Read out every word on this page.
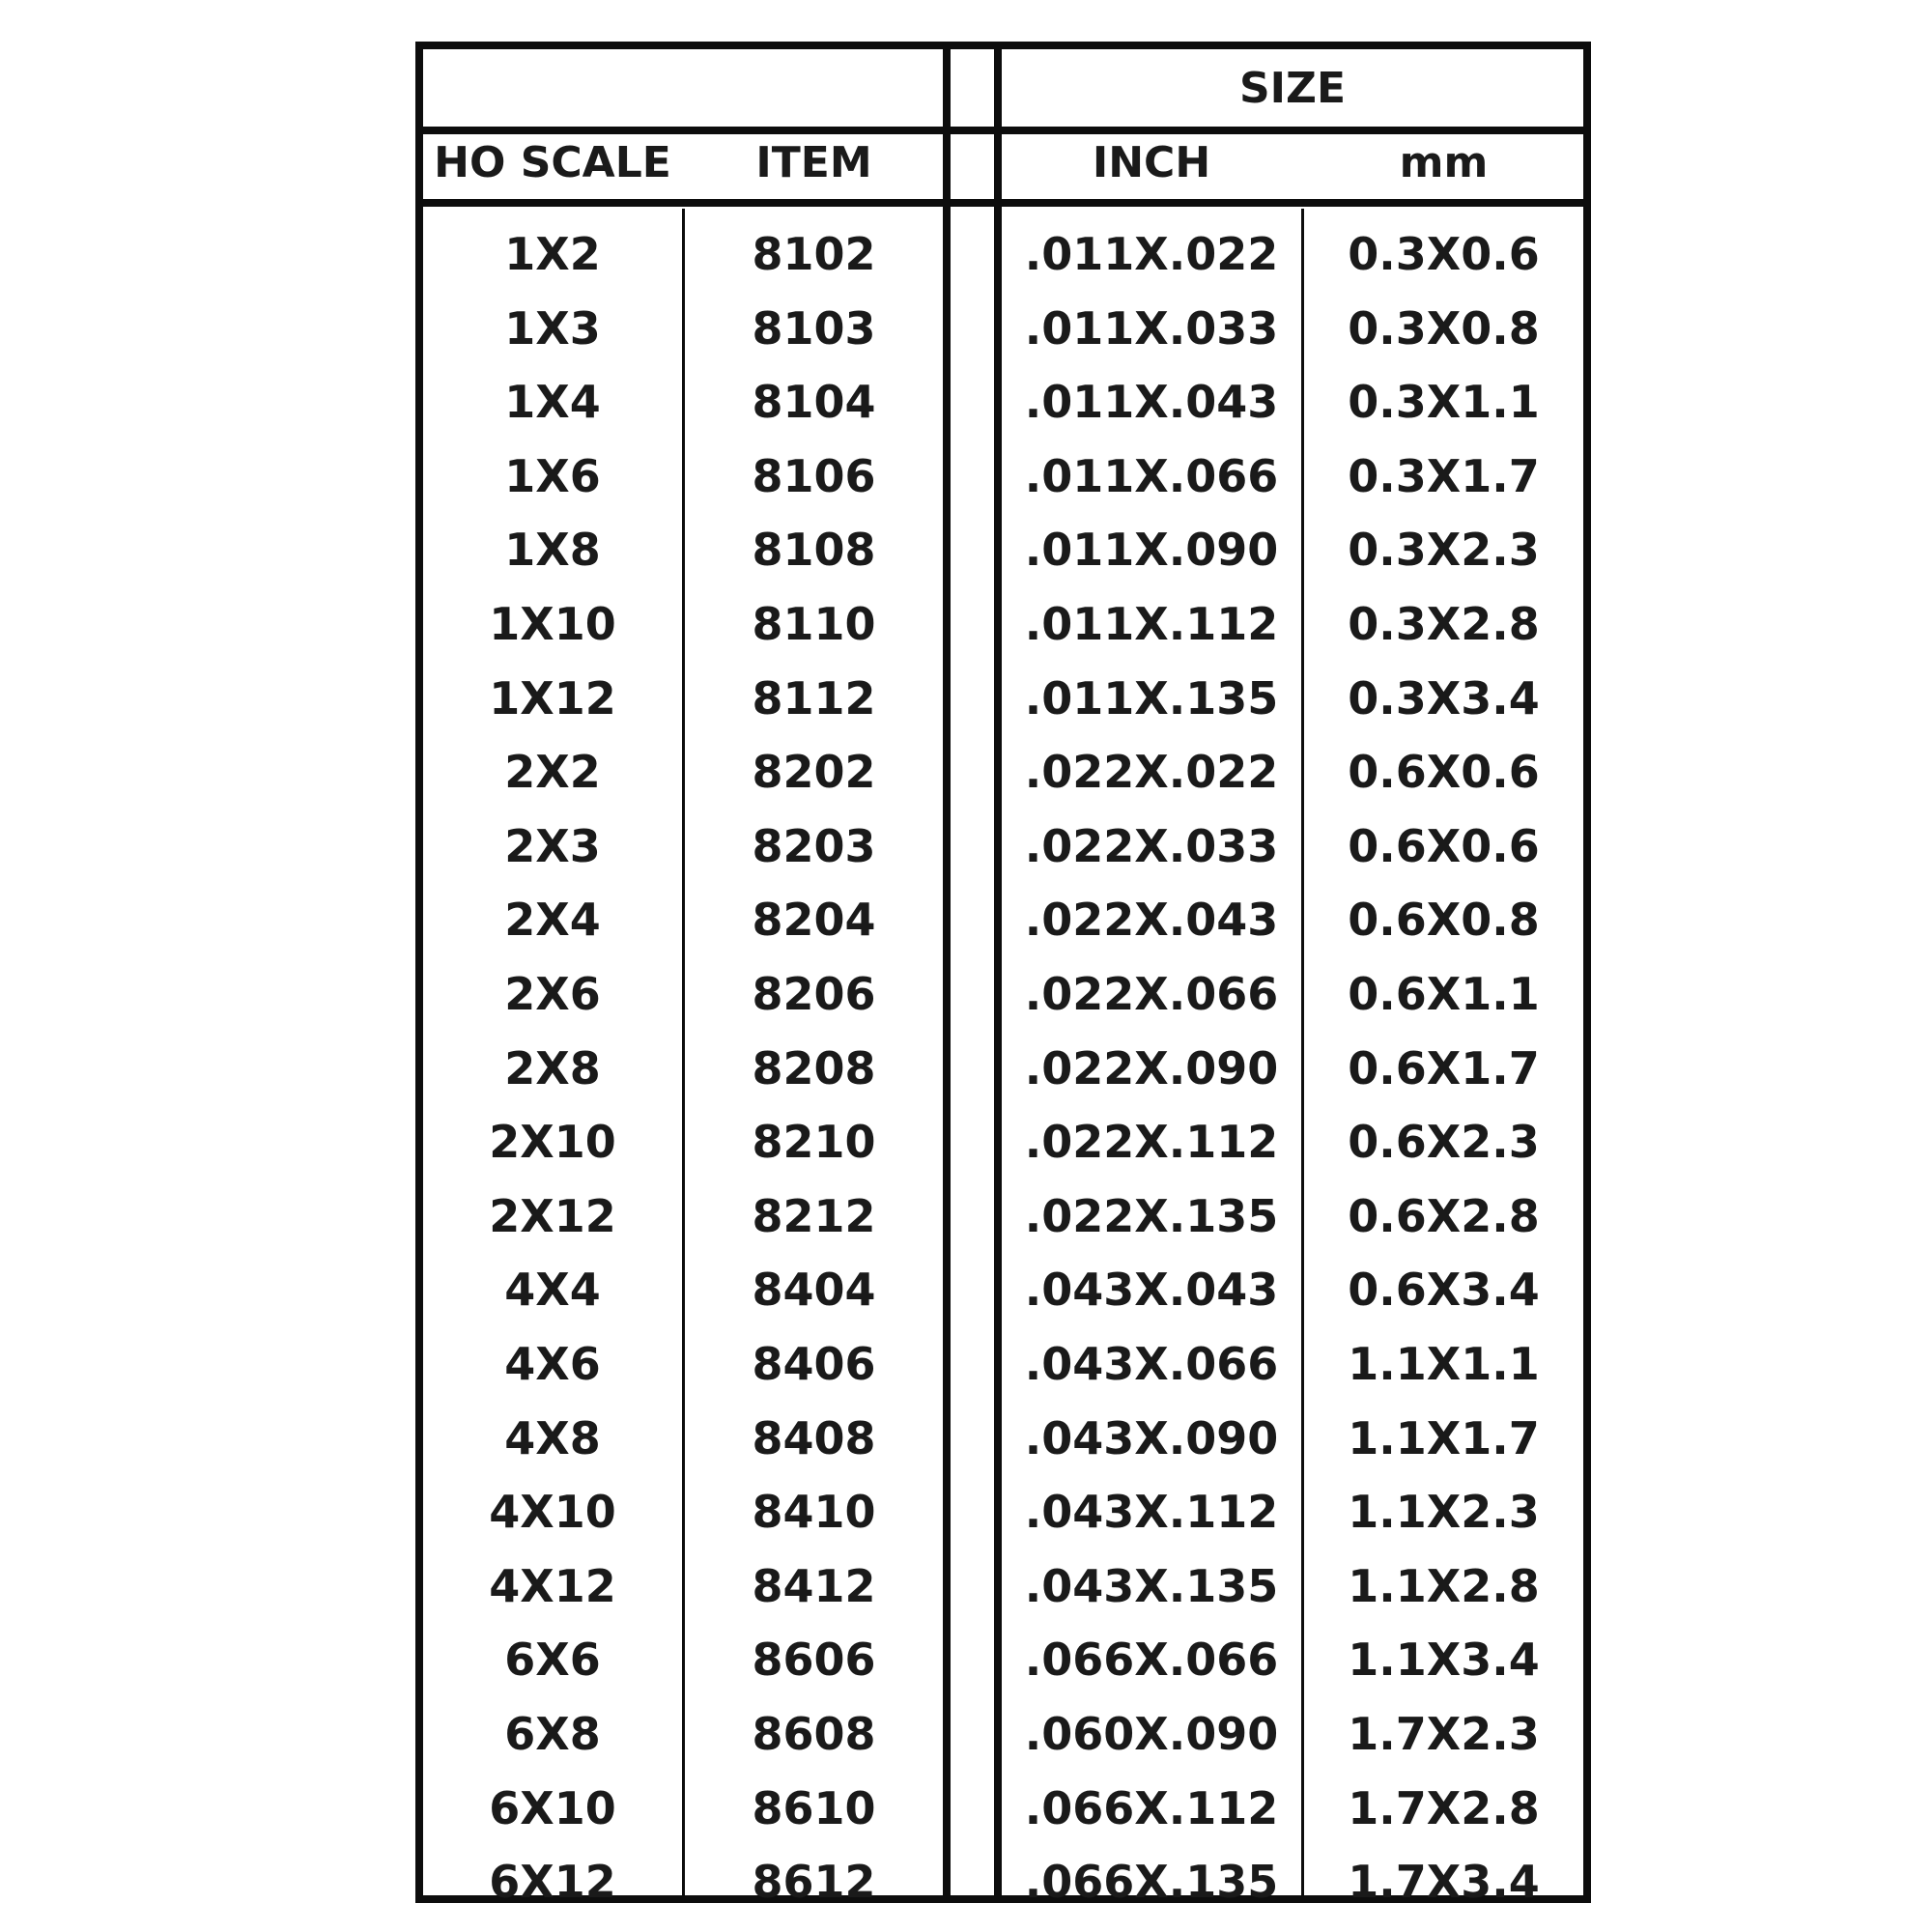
SIZE
HO SCALE	ITEM	INCH	mm
1X2	8102	.011X.022	0.3X0.6
1X3	8103	.011X.033	0.3X0.8
1X4	8104	.011X.043	0.3X1.1
1X6	8106	.011X.066	0.3X1.7
1X8	8108	.011X.090	0.3X2.3
1X10	8110	.011X.112	0.3X2.8
1X12	8112	.011X.135	0.3X3.4
2X2	8202	.022X.022	0.6X0.6
2X3	8203	.022X.033	0.6X0.6
2X4	8204	.022X.043	0.6X0.8
2X6	8206	.022X.066	0.6X1.1
2X8	8208	.022X.090	0.6X1.7
2X10	8210	.022X.112	0.6X2.3
2X12	8212	.022X.135	0.6X2.8
4X4	8404	.043X.043	0.6X3.4
4X6	8406	.043X.066	1.1X1.1
4X8	8408	.043X.090	1.1X1.7
4X10	8410	.043X.112	1.1X2.3
4X12	8412	.043X.135	1.1X2.8
6X6	8606	.066X.066	1.1X3.4
6X8	8608	.060X.090	1.7X2.3
6X10	8610	.066X.112	1.7X2.8
6X12	8612	.066X.135	1.7X3.4
